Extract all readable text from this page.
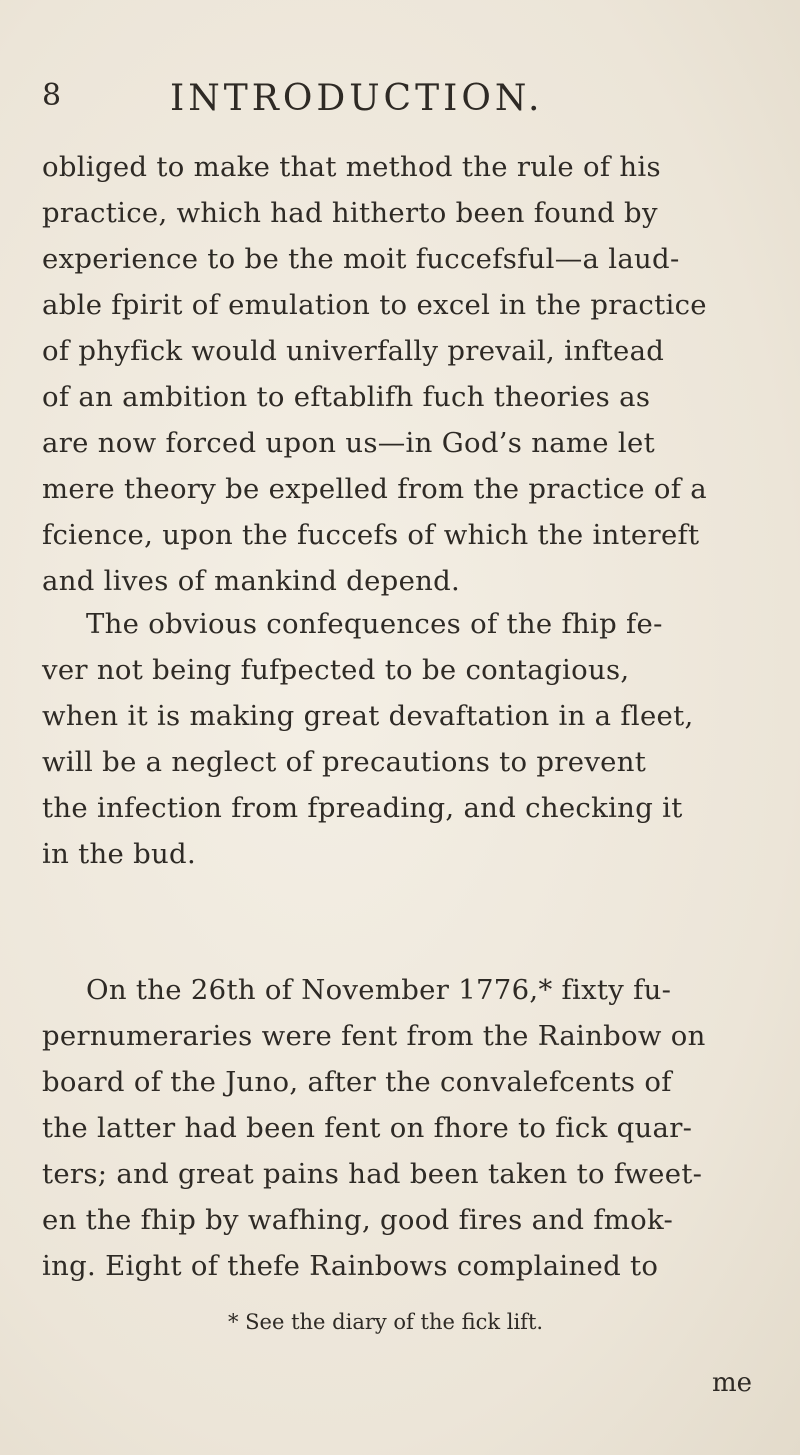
8	INTRODUCTION.
obliged to make that method the rule of his
practice, which had hitherto been found by
experience to be the moit fuccefsful—a laud-
able fpirit of emulation to excel in the practice
of phyfick would univerfally prevail, inftead
of an ambition to eftablifh fuch theories as
are now forced upon us—in God’s name let
mere theory be expelled from the practice of a
fcience, upon the fuccefs of which the intereft
and lives of mankind depend.
The obvious confequences of the fhip fe-
ver not being fufpected to be contagious,
when it is making great devaftation in a fleet,
will be a neglect of precautions to prevent
the infection from fpreading, and checking it
in the bud.
On the 26th of November 1776,* fixty fu-
pernumeraries were fent from the Rainbow on
board of the Juno, after the convalefcents of
the latter had been fent on fhore to fick quar-
ters; and great pains had been taken to fweet-
en the fhip by wafhing, good fires and fmok-
ing. Eight of thefe Rainbows complained to
* See the diary of the fick lift.
me
